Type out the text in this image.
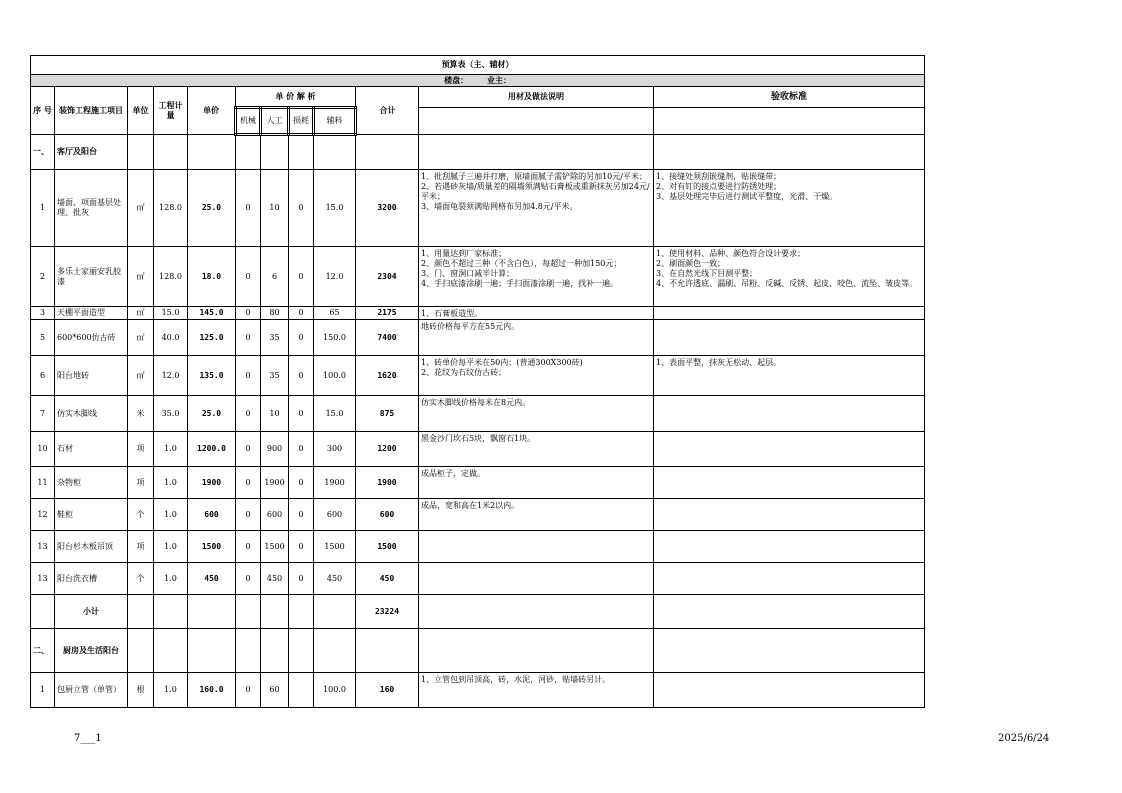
预算表（主、辅材）											
楼盘： 业主：											
序 号	装饰工程施工项目	单位	工程计量	单价	单 价 解 析				合计	用材及做法说明	验收标准
					机械	人工	损耗	辅料			
一、	客厅及阳台										
1	墙面、项面基层处理、批灰	㎡	128.0	25.0	0	10	0	15.0	3200	1、批刮腻子三遍并打磨，原墙面腻子需铲除的另加10元/平米；
2、若遇砂灰墙/质量差的隔墙须满贴石膏板或重新抹灰另加24元/平米；
3、墙面龟裂须满贴网格布另加4.8元/平米。	1、接缝处须刮嵌缝剂，贴嵌缝带；
2、对有钉的接点要进行防锈处理；
3、基层处理完毕后进行测试平整度，光滑、干燥。
2	多乐士家丽安乳胶漆	㎡	128.0	18.0	0	6	0	12.0	2304	1、用量达到厂家标准；
2、颜色不超过三种（不含白色），每超过一种加150元；
3、门、窗洞口减半计算；
4、手扫底漆涂刷一遍；手扫面漆涂刷一遍，找补一遍。	1、使用材料、品种、颜色符合设计要求；
2、刷面颜色一致；
3、在自然光线下目测平整；
4、不允许透底、漏刷、吊粉、反碱、反锈、起皮、咬色、流坠、皱皮等。
3	天棚平面造型	㎡	15.0	145.0	0	80	0	65	2175	1、石膏板造型。	
5	600*600仿古砖	㎡	40.0	125.0	0	35	0	150.0	7400	地砖价格每平方在55元内。	
6	阳台地砖	㎡	12.0	135.0	0	35	0	100.0	1620	1、砖单价每平米在50内；(普通300X300砖)
2、花纹为石纹仿古砖；	1、表面平整，抹灰无松动、起层。
7	仿实木脚线	米	35.0	25.0	0	10	0	15.0	875	仿实木脚线价格每米在8元内。	
10	石材	项	1.0	1200.0	0	900	0	300	1200	黑金沙门坎石5块，飘窗石1块。	
11	杂物柜	项	1.0	1900	0	1900	0	1900	1900	成品柜子，定做。	
12	鞋柜	个	1.0	600	0	600	0	600	600	成品，宽和高在1米2以内。	
13	阳台杉木板吊顶	项	1.0	1500	0	1500	0	1500	1500		
13	阳台洗衣槽	个	1.0	450	0	450	0	450	450		
	小计								23224		
二、	厨房及生活阳台										
1	包厨立管（单管）	根	1.0	160.0	0	60		100.0	160	1、立管包到吊顶高，砖，水泥，河砂，贴墙砖另计。	
7___1	2025/6/24
